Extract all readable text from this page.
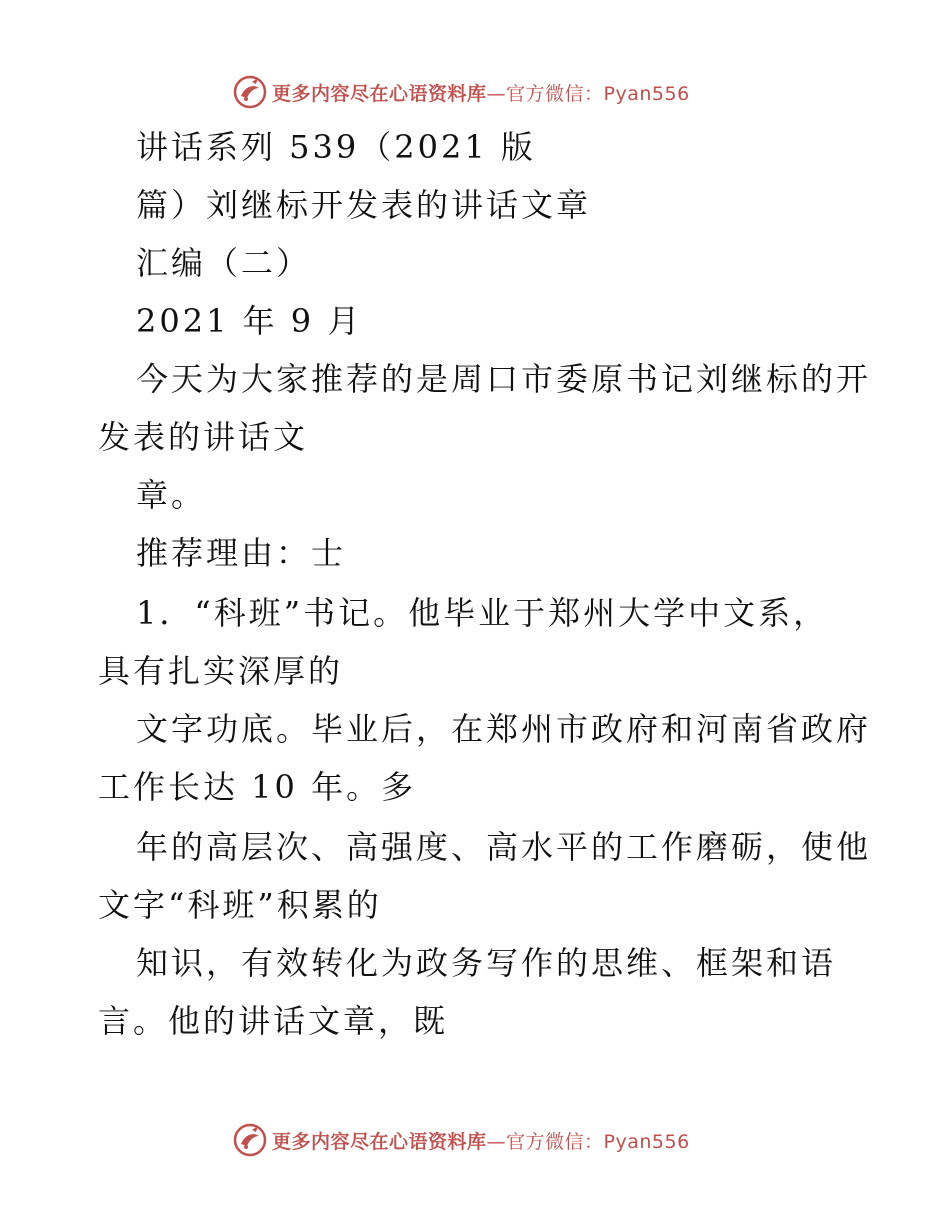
更多内容尽在心语资料库—官方微信：Pyan556
讲话系列 539（2021 版
篇）刘继标开发表的讲话文章
汇编（二）
2021 年 9 月
今天为大家推荐的是周口市委原书记刘继标的开
发表的讲话文
章。
推荐理由：士
1．“科班”书记。他毕业于郑州大学中文系，
具有扎实深厚的
文字功底。毕业后，在郑州市政府和河南省政府
工作长达 10 年。多
年的高层次、高强度、高水平的工作磨砺，使他
文字“科班”积累的
知识，有效转化为政务写作的思维、框架和语
言。他的讲话文章，既
更多内容尽在心语资料库—官方微信：Pyan556
